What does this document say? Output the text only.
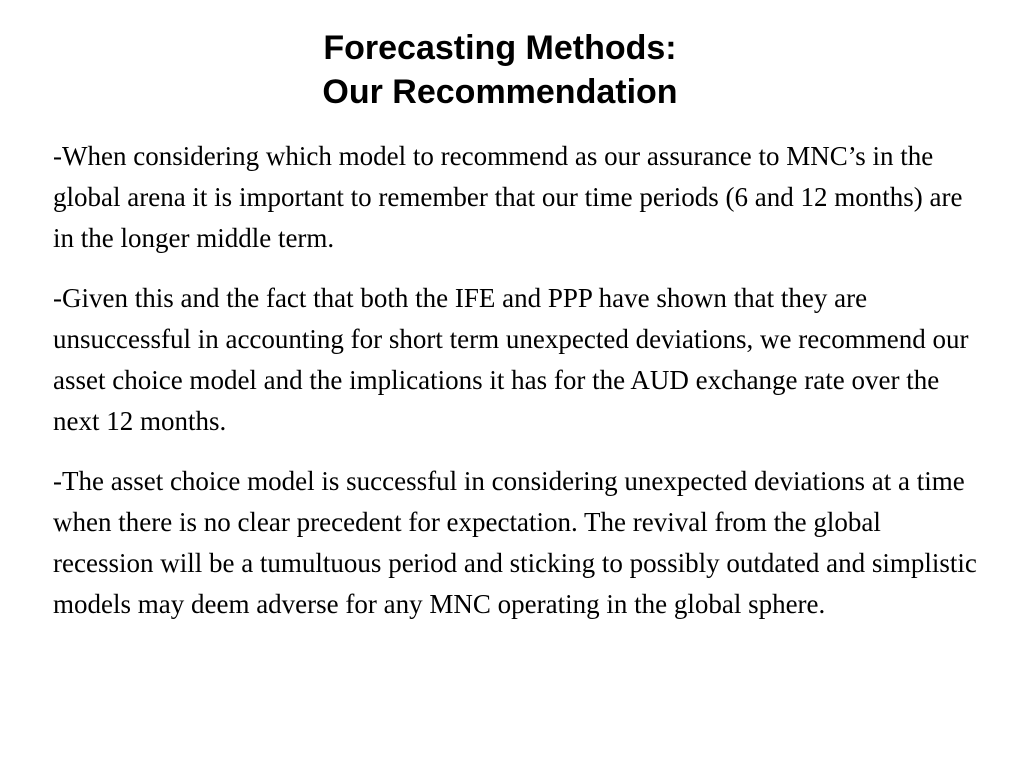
Forecasting Methods:
Our Recommendation

-When considering which model to recommend as our assurance to MNC’s in the global arena it is important to remember that our time periods (6 and 12 months) are in the longer middle term.

-Given this and the fact that both the IFE and PPP have shown that they are unsuccessful in accounting for short term unexpected deviations, we recommend our asset choice model and the implications it has for the AUD exchange rate over the next 12 months.

-The asset choice model is successful in considering unexpected deviations at a time when there is no clear precedent for expectation. The revival from the global recession will be a tumultuous period and sticking to possibly outdated and simplistic models may deem adverse for any MNC operating in the global sphere.
